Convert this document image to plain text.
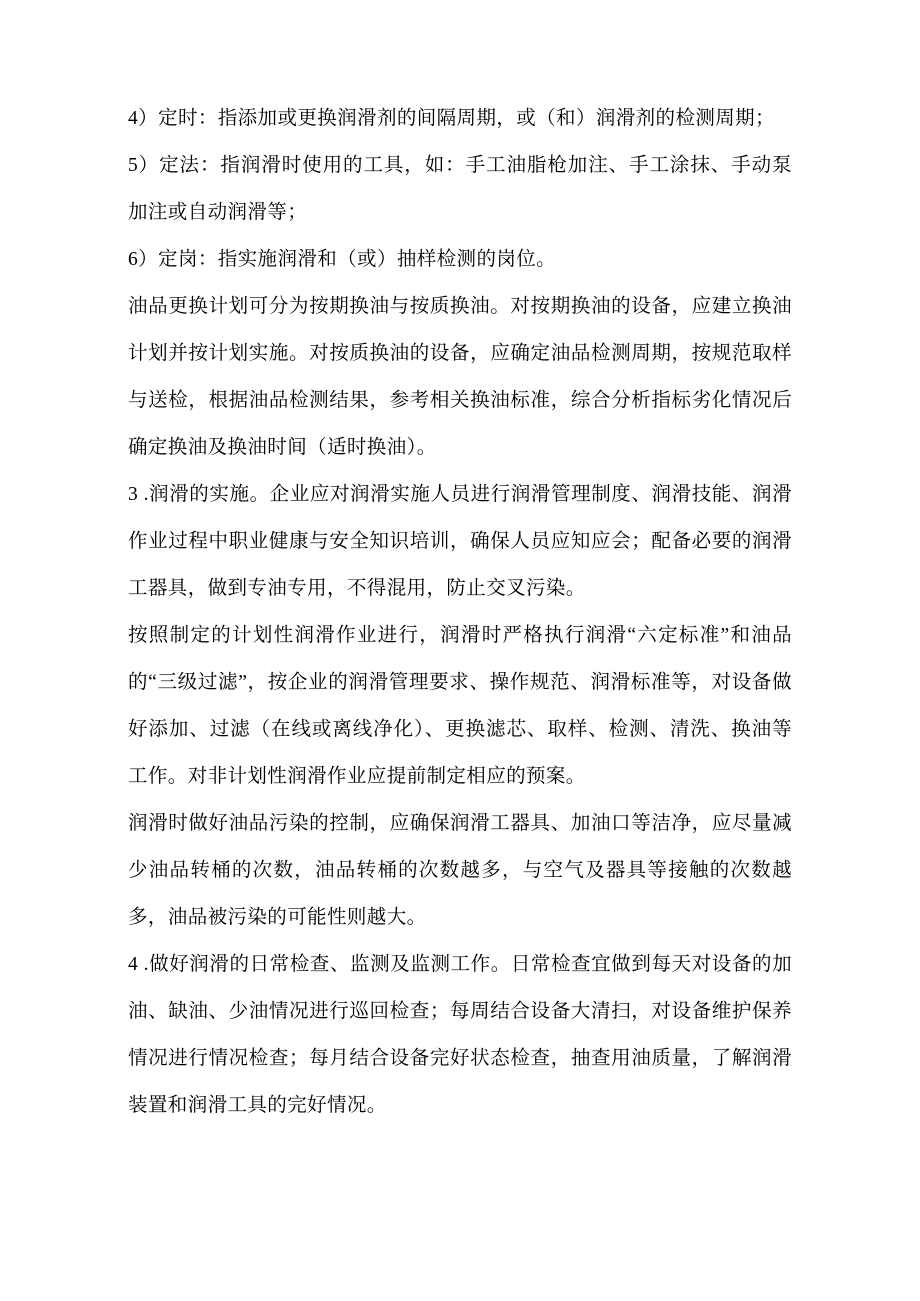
4）定时：指添加或更换润滑剂的间隔周期，或（和）润滑剂的检测周期；

5）定法：指润滑时使用的工具，如：手工油脂枪加注、手工涂抹、手动泵加注或自动润滑等；

6）定岗：指实施润滑和（或）抽样检测的岗位。

油品更换计划可分为按期换油与按质换油。对按期换油的设备，应建立换油计划并按计划实施。对按质换油的设备，应确定油品检测周期，按规范取样与送检，根据油品检测结果，参考相关换油标准，综合分析指标劣化情况后确定换油及换油时间（适时换油）。

3 .润滑的实施。企业应对润滑实施人员进行润滑管理制度、润滑技能、润滑作业过程中职业健康与安全知识培训，确保人员应知应会；配备必要的润滑工器具，做到专油专用，不得混用，防止交叉污染。

按照制定的计划性润滑作业进行，润滑时严格执行润滑“六定标准”和油品的“三级过滤”，按企业的润滑管理要求、操作规范、润滑标准等，对设备做好添加、过滤（在线或离线净化）、更换滤芯、取样、检测、清洗、换油等工作。对非计划性润滑作业应提前制定相应的预案。

润滑时做好油品污染的控制，应确保润滑工器具、加油口等洁净，应尽量减少油品转桶的次数，油品转桶的次数越多，与空气及器具等接触的次数越多，油品被污染的可能性则越大。

4 .做好润滑的日常检查、监测及监测工作。日常检查宜做到每天对设备的加油、缺油、少油情况进行巡回检查；每周结合设备大清扫，对设备维护保养情况进行情况检查；每月结合设备完好状态检查，抽查用油质量，了解润滑装置和润滑工具的完好情况。
